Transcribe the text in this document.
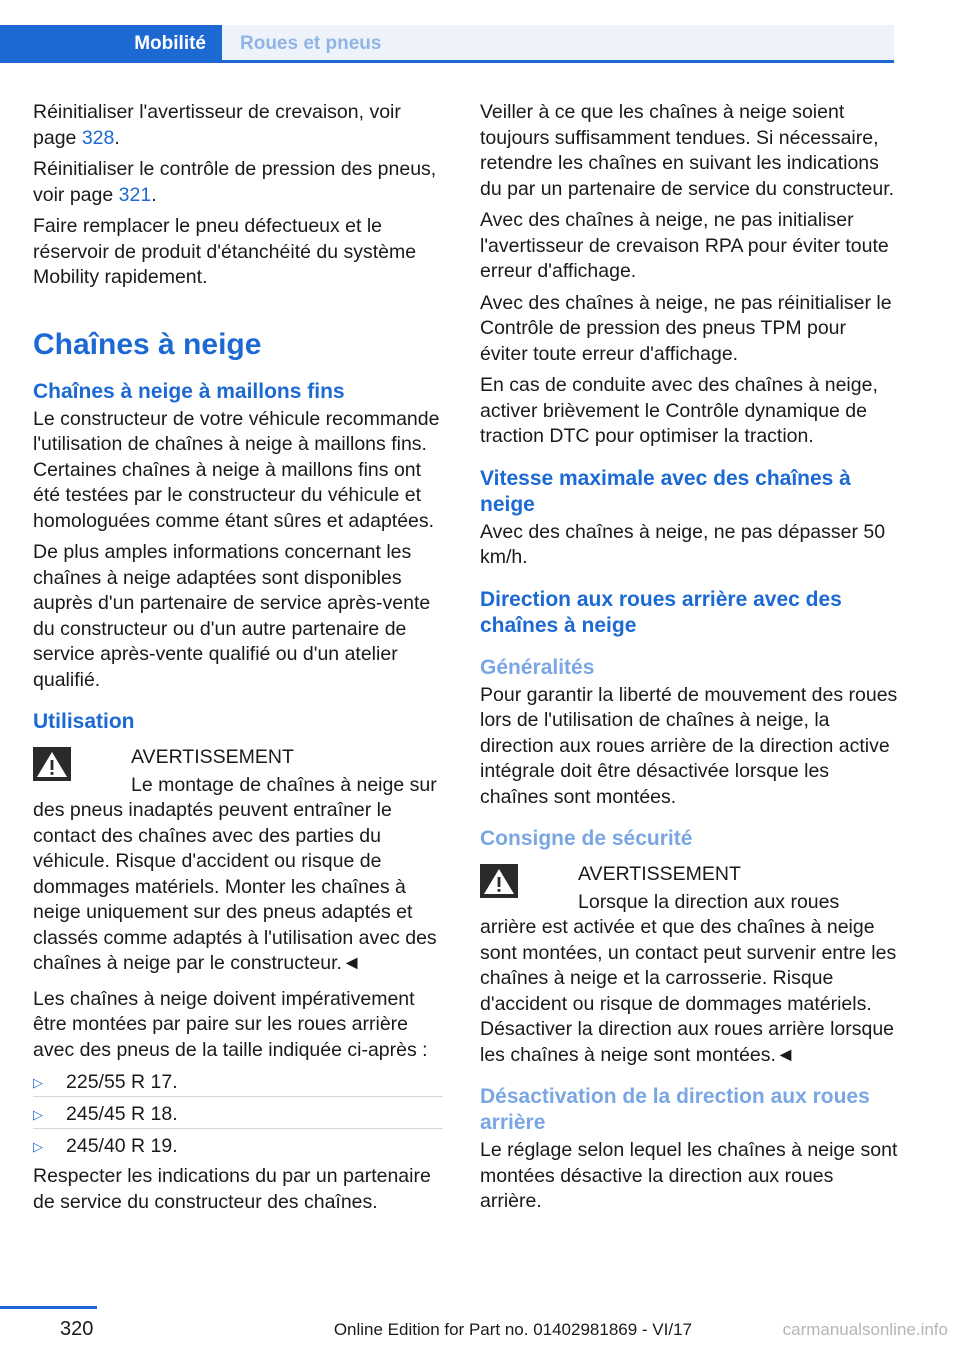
Mobilité	Roues et pneus

Réinitialiser l'avertisseur de crevaison, voir page 328.

Réinitialiser le contrôle de pression des pneus, voir page 321.

Faire remplacer le pneu défectueux et le réservoir de produit d'étanchéité du système Mobility rapidement.

Chaînes à neige
Chaînes à neige à maillons fins

Le constructeur de votre véhicule recommande l'utilisation de chaînes à neige à maillons fins. Certaines chaînes à neige à maillons fins ont été testées par le constructeur du véhicule et homologuées comme étant sûres et adaptées.

De plus amples informations concernant les chaînes à neige adaptées sont disponibles auprès d'un partenaire de service après-vente du constructeur ou d'un autre partenaire de service après-vente qualifié ou d'un atelier qualifié.

Utilisation
AVERTISSEMENT
Le montage de chaînes à neige sur des pneus inadaptés peuvent entraîner le contact des chaînes avec des parties du véhicule. Risque d'accident ou risque de dommages matériels. Monter les chaînes à neige uniquement sur des pneus adaptés et classés comme adaptés à l'utilisation avec des chaînes à neige par le constructeur.◄

Les chaînes à neige doivent impérativement être montées par paire sur les roues arrière avec des pneus de la taille indiquée ci-après :

▷ 225/55 R 17.
▷ 245/45 R 18.
▷ 245/40 R 19.

Respecter les indications du par un partenaire de service du constructeur des chaînes.

Veiller à ce que les chaînes à neige soient toujours suffisamment tendues. Si nécessaire, retendre les chaînes en suivant les indications du par un partenaire de service du constructeur.

Avec des chaînes à neige, ne pas initialiser l'avertisseur de crevaison RPA pour éviter toute erreur d'affichage.

Avec des chaînes à neige, ne pas réinitialiser le Contrôle de pression des pneus TPM pour éviter toute erreur d'affichage.

En cas de conduite avec des chaînes à neige, activer brièvement le Contrôle dynamique de traction DTC pour optimiser la traction.

Vitesse maximale avec des chaînes à neige

Avec des chaînes à neige, ne pas dépasser 50 km/h.

Direction aux roues arrière avec des chaînes à neige
Généralités

Pour garantir la liberté de mouvement des roues lors de l'utilisation de chaînes à neige, la direction aux roues arrière de la direction active intégrale doit être désactivée lorsque les chaînes sont montées.

Consigne de sécurité
AVERTISSEMENT
Lorsque la direction aux roues arrière est activée et que des chaînes à neige sont montées, un contact peut survenir entre les chaînes à neige et la carrosserie. Risque d'accident ou risque de dommages matériels. Désactiver la direction aux roues arrière lorsque les chaînes à neige sont montées.◄
Désactivation de la direction aux roues arrière

Le réglage selon lequel les chaînes à neige sont montées désactive la direction aux roues arrière.

320	Online Edition for Part no. 01402981869 - VI/17	carmanualsonline.info
